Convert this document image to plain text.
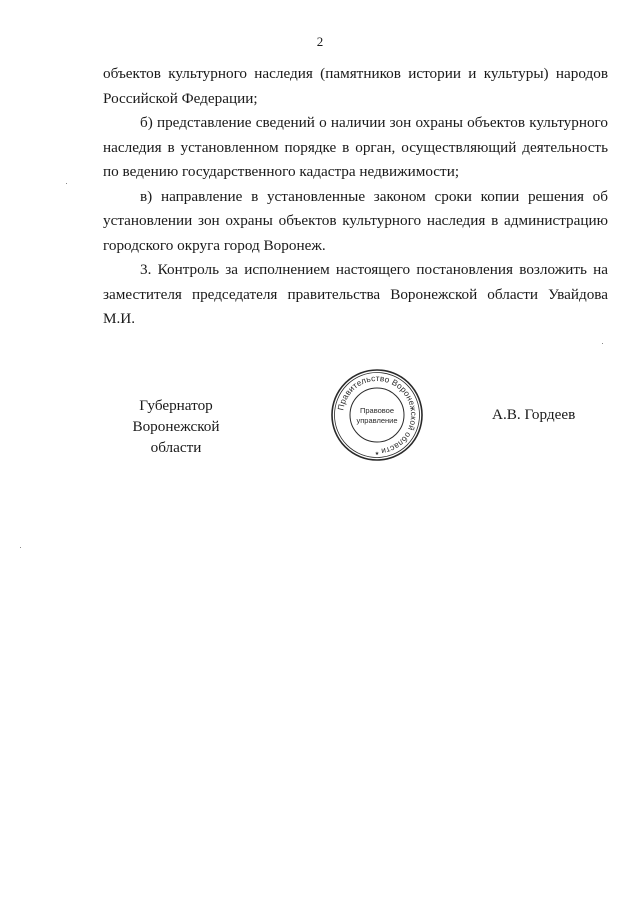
2

объектов культурного наследия (памятников истории и культуры) народов Российской Федерации;

б) представление сведений о наличии зон охраны объектов культурного наследия в установленном порядке в орган, осуществляющий деятельность по ведению государственного кадастра недвижимости;

в) направление в установленные законом сроки копии решения об установлении зон охраны объектов культурного наследия в администрацию городского округа город Воронеж.

3. Контроль за исполнением настоящего постановления возложить на заместителя председателя правительства Воронежской области Увайдова М.И.

Губернатор
Воронежской области
А.В. Гордеев
Правительство Воронежской области
Правовое
управление
★
